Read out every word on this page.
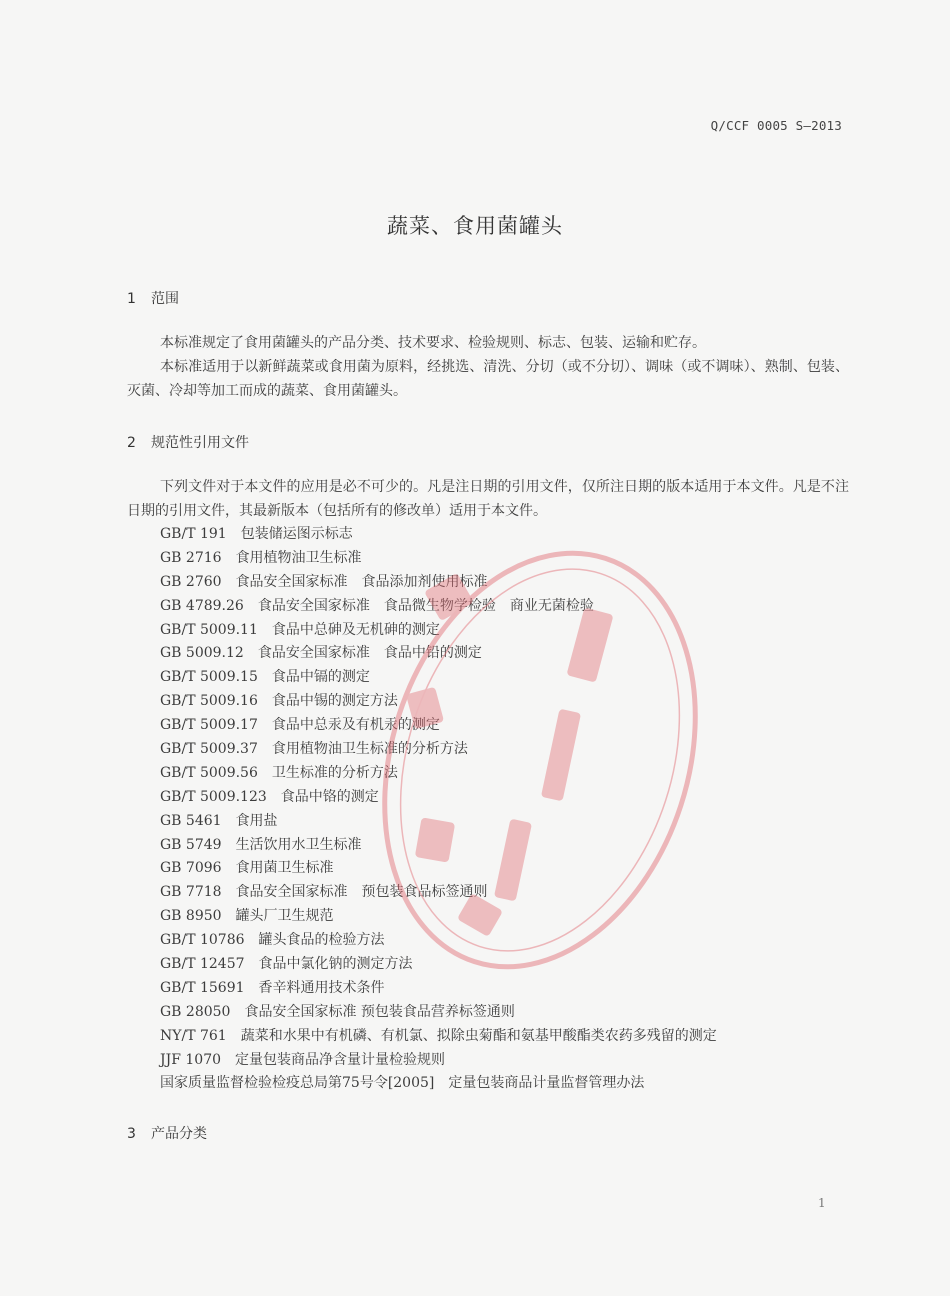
Q/CCF 0005 S—2013
蔬菜、食用菌罐头
1 范围

本标准规定了食用菌罐头的产品分类、技术要求、检验规则、标志、包装、运输和贮存。

本标准适用于以新鲜蔬菜或食用菌为原料，经挑选、清洗、分切（或不分切）、调味（或不调味）、熟制、包装、灭菌、冷却等加工而成的蔬菜、食用菌罐头。

2 规范性引用文件

下列文件对于本文件的应用是必不可少的。凡是注日期的引用文件，仅所注日期的版本适用于本文件。凡是不注日期的引用文件，其最新版本（包括所有的修改单）适用于本文件。

GB/T 191 包装储运图示标志
GB 2716 食用植物油卫生标准
GB 2760 食品安全国家标准　食品添加剂使用标准
GB 4789.26 食品安全国家标准　食品微生物学检验　商业无菌检验
GB/T 5009.11 食品中总砷及无机砷的测定
GB 5009.12 食品安全国家标准　食品中铅的测定
GB/T 5009.15 食品中镉的测定
GB/T 5009.16 食品中锡的测定方法
GB/T 5009.17 食品中总汞及有机汞的测定
GB/T 5009.37 食用植物油卫生标准的分析方法
GB/T 5009.56 卫生标准的分析方法
GB/T 5009.123 食品中铬的测定
GB 5461 食用盐
GB 5749 生活饮用水卫生标准
GB 7096 食用菌卫生标准
GB 7718 食品安全国家标准　预包装食品标签通则
GB 8950 罐头厂卫生规范
GB/T 10786 罐头食品的检验方法
GB/T 12457 食品中氯化钠的测定方法
GB/T 15691 香辛料通用技术条件
GB 28050 食品安全国家标准 预包装食品营养标签通则
NY/T 761 蔬菜和水果中有机磷、有机氯、拟除虫菊酯和氨基甲酸酯类农药多残留的测定
JJF 1070 定量包装商品净含量计量检验规则
国家质量监督检验检疫总局第75号令[2005] 定量包装商品计量监督管理办法
3 产品分类
1
